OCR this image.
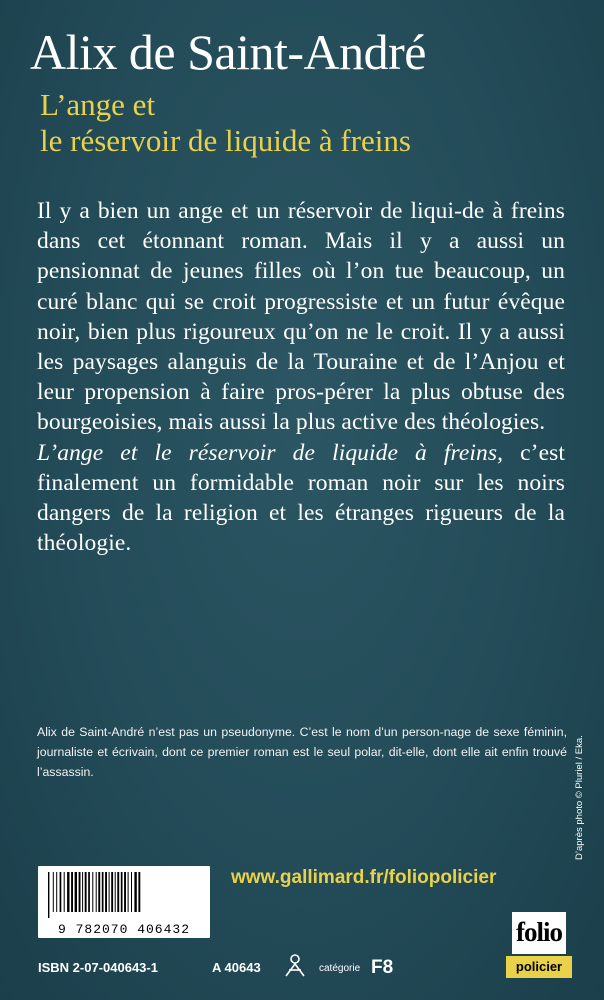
Alix de Saint-André
L’ange et
le réservoir de liquide à freins

Il y a bien un ange et un réservoir de liqui-de à freins dans cet étonnant roman. Mais il y a aussi un pensionnat de jeunes filles où l’on tue beaucoup, un curé blanc qui se croit progressiste et un futur évêque noir, bien plus rigoureux qu’on ne le croit. Il y a aussi les paysages alanguis de la Touraine et de l’Anjou et leur propension à faire pros-pérer la plus obtuse des bourgeoisies, mais aussi la plus active des théologies.

L’ange et le réservoir de liquide à freins, c’est finalement un formidable roman noir sur les noirs dangers de la religion et les étranges rigueurs de la théologie.

Alix de Saint-André n’est pas un pseudonyme. C’est le nom d’un person-nage de sexe féminin, journaliste et écrivain, dont ce premier roman est le seul polar, dit-elle, dont elle ait enfin trouvé l’assassin.	D’après photo © Pluriel / Eka.
9 782070 406432
www.gallimard.fr/foliopolicier
ISBN 2-07-040643-1	A 40643	catégorie F8
folio
policier
